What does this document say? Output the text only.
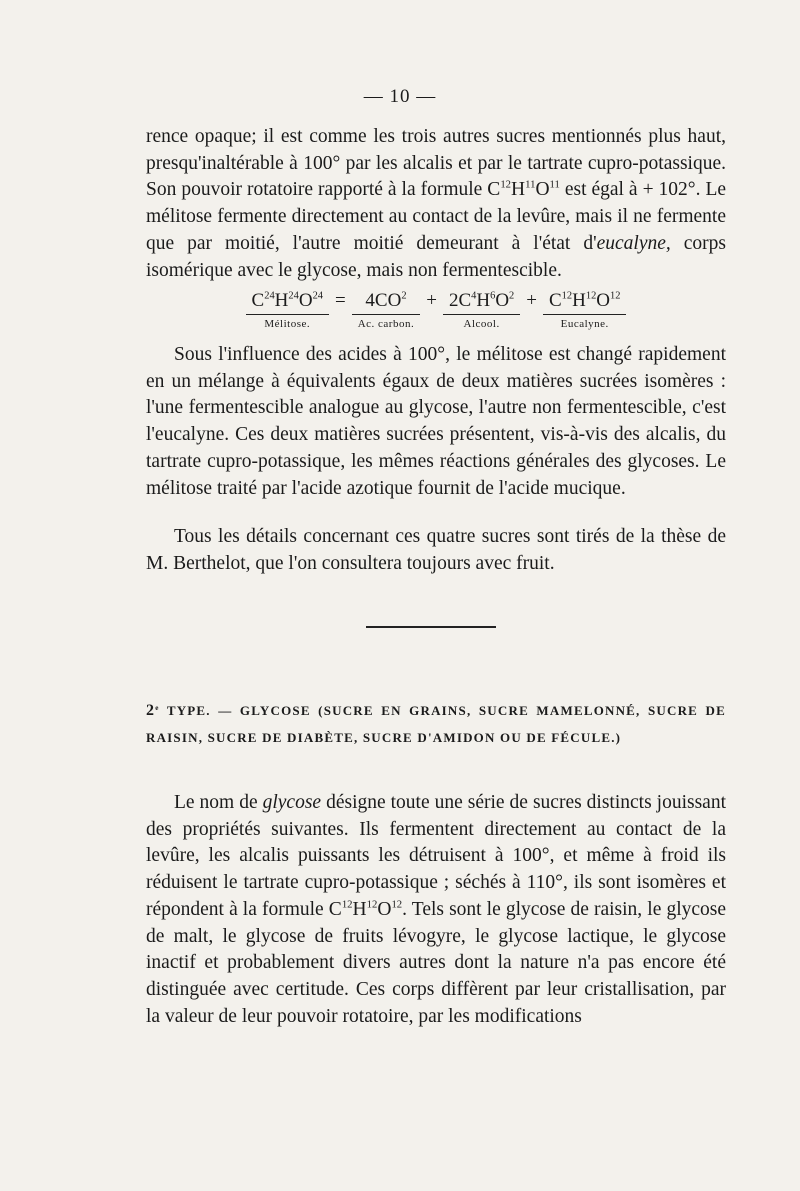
— 10 —
rence opaque; il est comme les trois autres sucres mentionnés plus haut, presqu'inaltérable à 100° par les alcalis et par le tartrate cupro-potassique. Son pouvoir rotatoire rapporté à la formule $C^{12}H^{11}O^{11}$ est égal à + 102°. Le mélitose fermente directement au contact de la levûre, mais il ne fermente que par moitié, l'autre moitié demeurant à l'état d'eucalyne, corps isomérique avec le glycose, mais non fermentescible.
$C^{24}H^{24}O^{24}$	=	$4CO^2$	+	$2C^4H^6O^2$	+	$C^{12}H^{12}O^{12}$
Mélitose.		Ac. carbon.		Alcool.		Eucalyne.
Sous l'influence des acides à 100°, le mélitose est changé rapidement en un mélange à équivalents égaux de deux matières sucrées isomères : l'une fermentescible analogue au glycose, l'autre non fermentescible, c'est l'eucalyne. Ces deux matières sucrées présentent, vis-à-vis des alcalis, du tartrate cupro-potassique, les mêmes réactions générales des glycoses. Le mélitose traité par l'acide azotique fournit de l'acide mucique.
Tous les détails concernant ces quatre sucres sont tirés de la thèse de M. Berthelot, que l'on consultera toujours avec fruit.
2e TYPE. — GLYCOSE (SUCRE EN GRAINS, SUCRE MAMELONNÉ, SUCRE DE RAISIN, SUCRE DE DIABÈTE, SUCRE D'AMIDON OU DE FÉCULE.)
Le nom de glycose désigne toute une série de sucres distincts jouissant des propriétés suivantes. Ils fermentent directement au contact de la levûre, les alcalis puissants les détruisent à 100°, et même à froid ils réduisent le tartrate cupro-potassique ; séchés à 110°, ils sont isomères et répondent à la formule $C^{12}H^{12}O^{12}$. Tels sont le glycose de raisin, le glycose de malt, le glycose de fruits lévogyre, le glycose lactique, le glycose inactif et probablement divers autres dont la nature n'a pas encore été distinguée avec certitude. Ces corps diffèrent par leur cristallisation, par la valeur de leur pouvoir rotatoire, par les modifications
